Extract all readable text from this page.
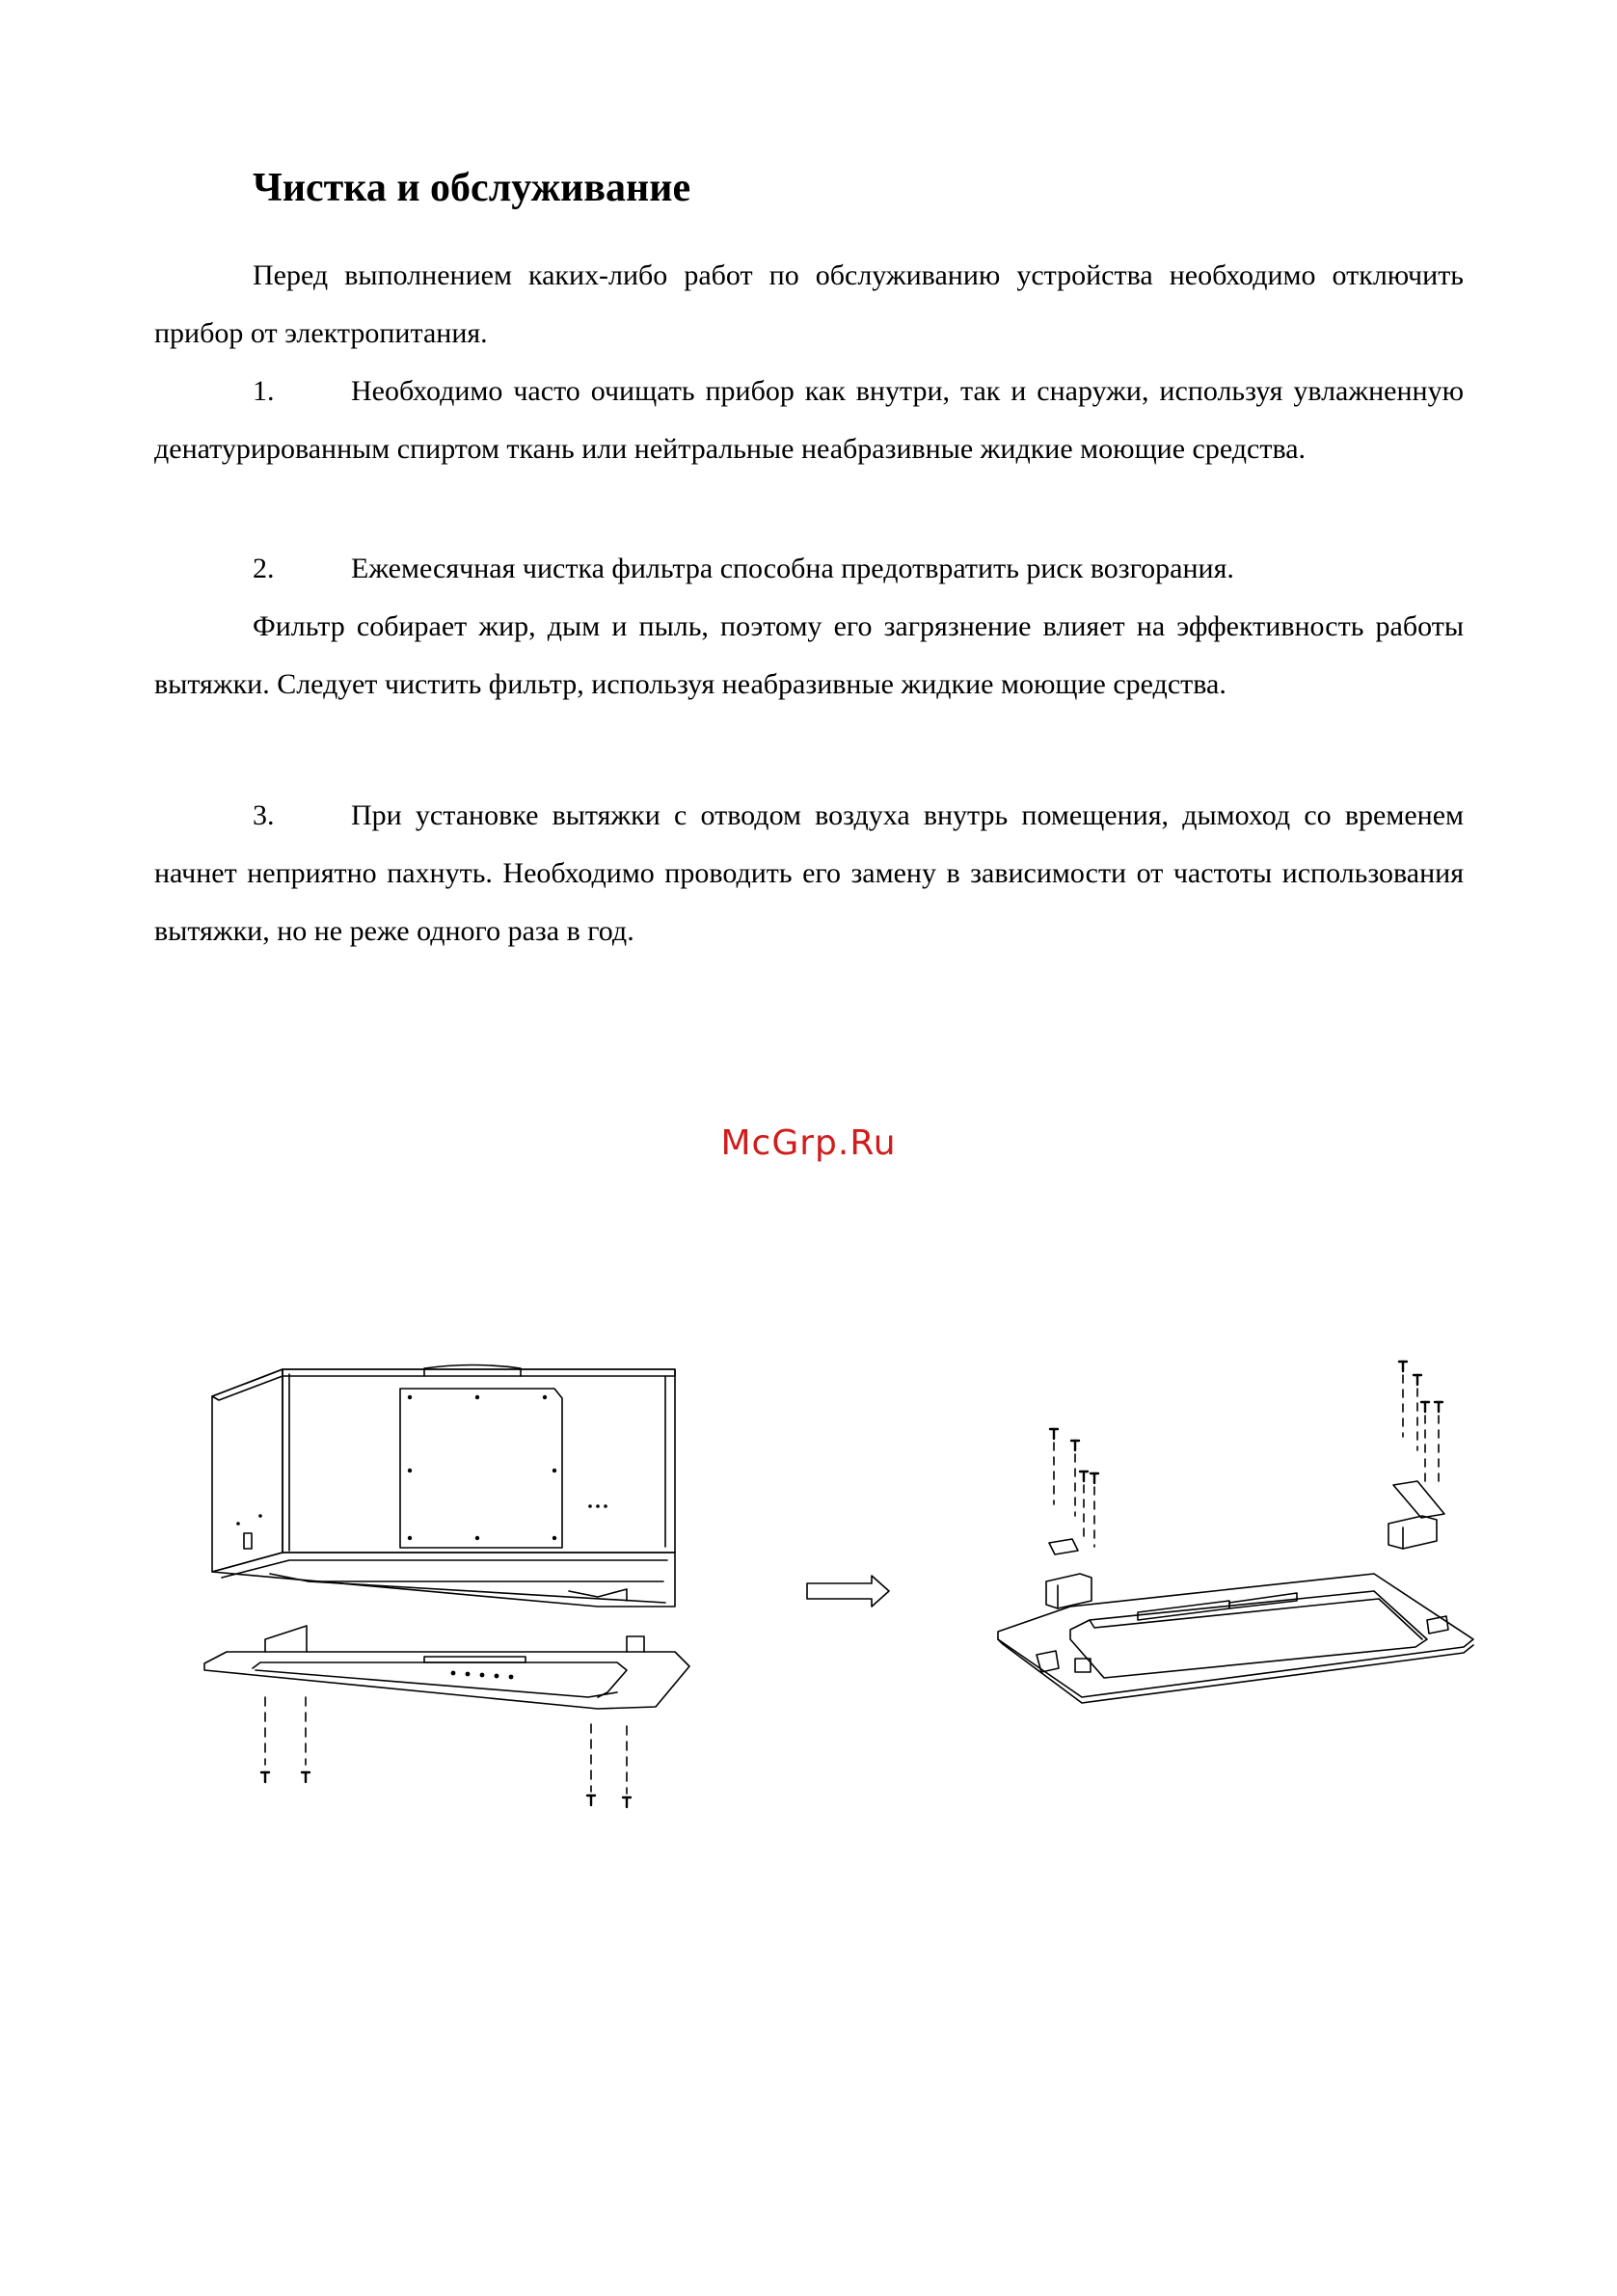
Чистка и обслуживание

Перед выполнением каких-либо работ по обслуживанию устройства необходимо отключить прибор от электропитания.

1.	Необходимо часто очищать прибор как внутри, так и снаружи, используя увлажненную денатурированным спиртом ткань или нейтральные неабразивные жидкие моющие средства.

2.	Ежемесячная чистка фильтра способна предотвратить риск возгорания.

Фильтр собирает жир, дым и пыль, поэтому его загрязнение влияет на эффективность работы вытяжки. Следует чистить фильтр, используя неабразивные жидкие моющие средства.

3.	При установке вытяжки с отводом воздуха внутрь помещения, дымоход со временем начнет неприятно пахнуть. Необходимо проводить его замену в зависимости от частоты использования вытяжки, но не реже одного раза в год.

McGrp.Ru
